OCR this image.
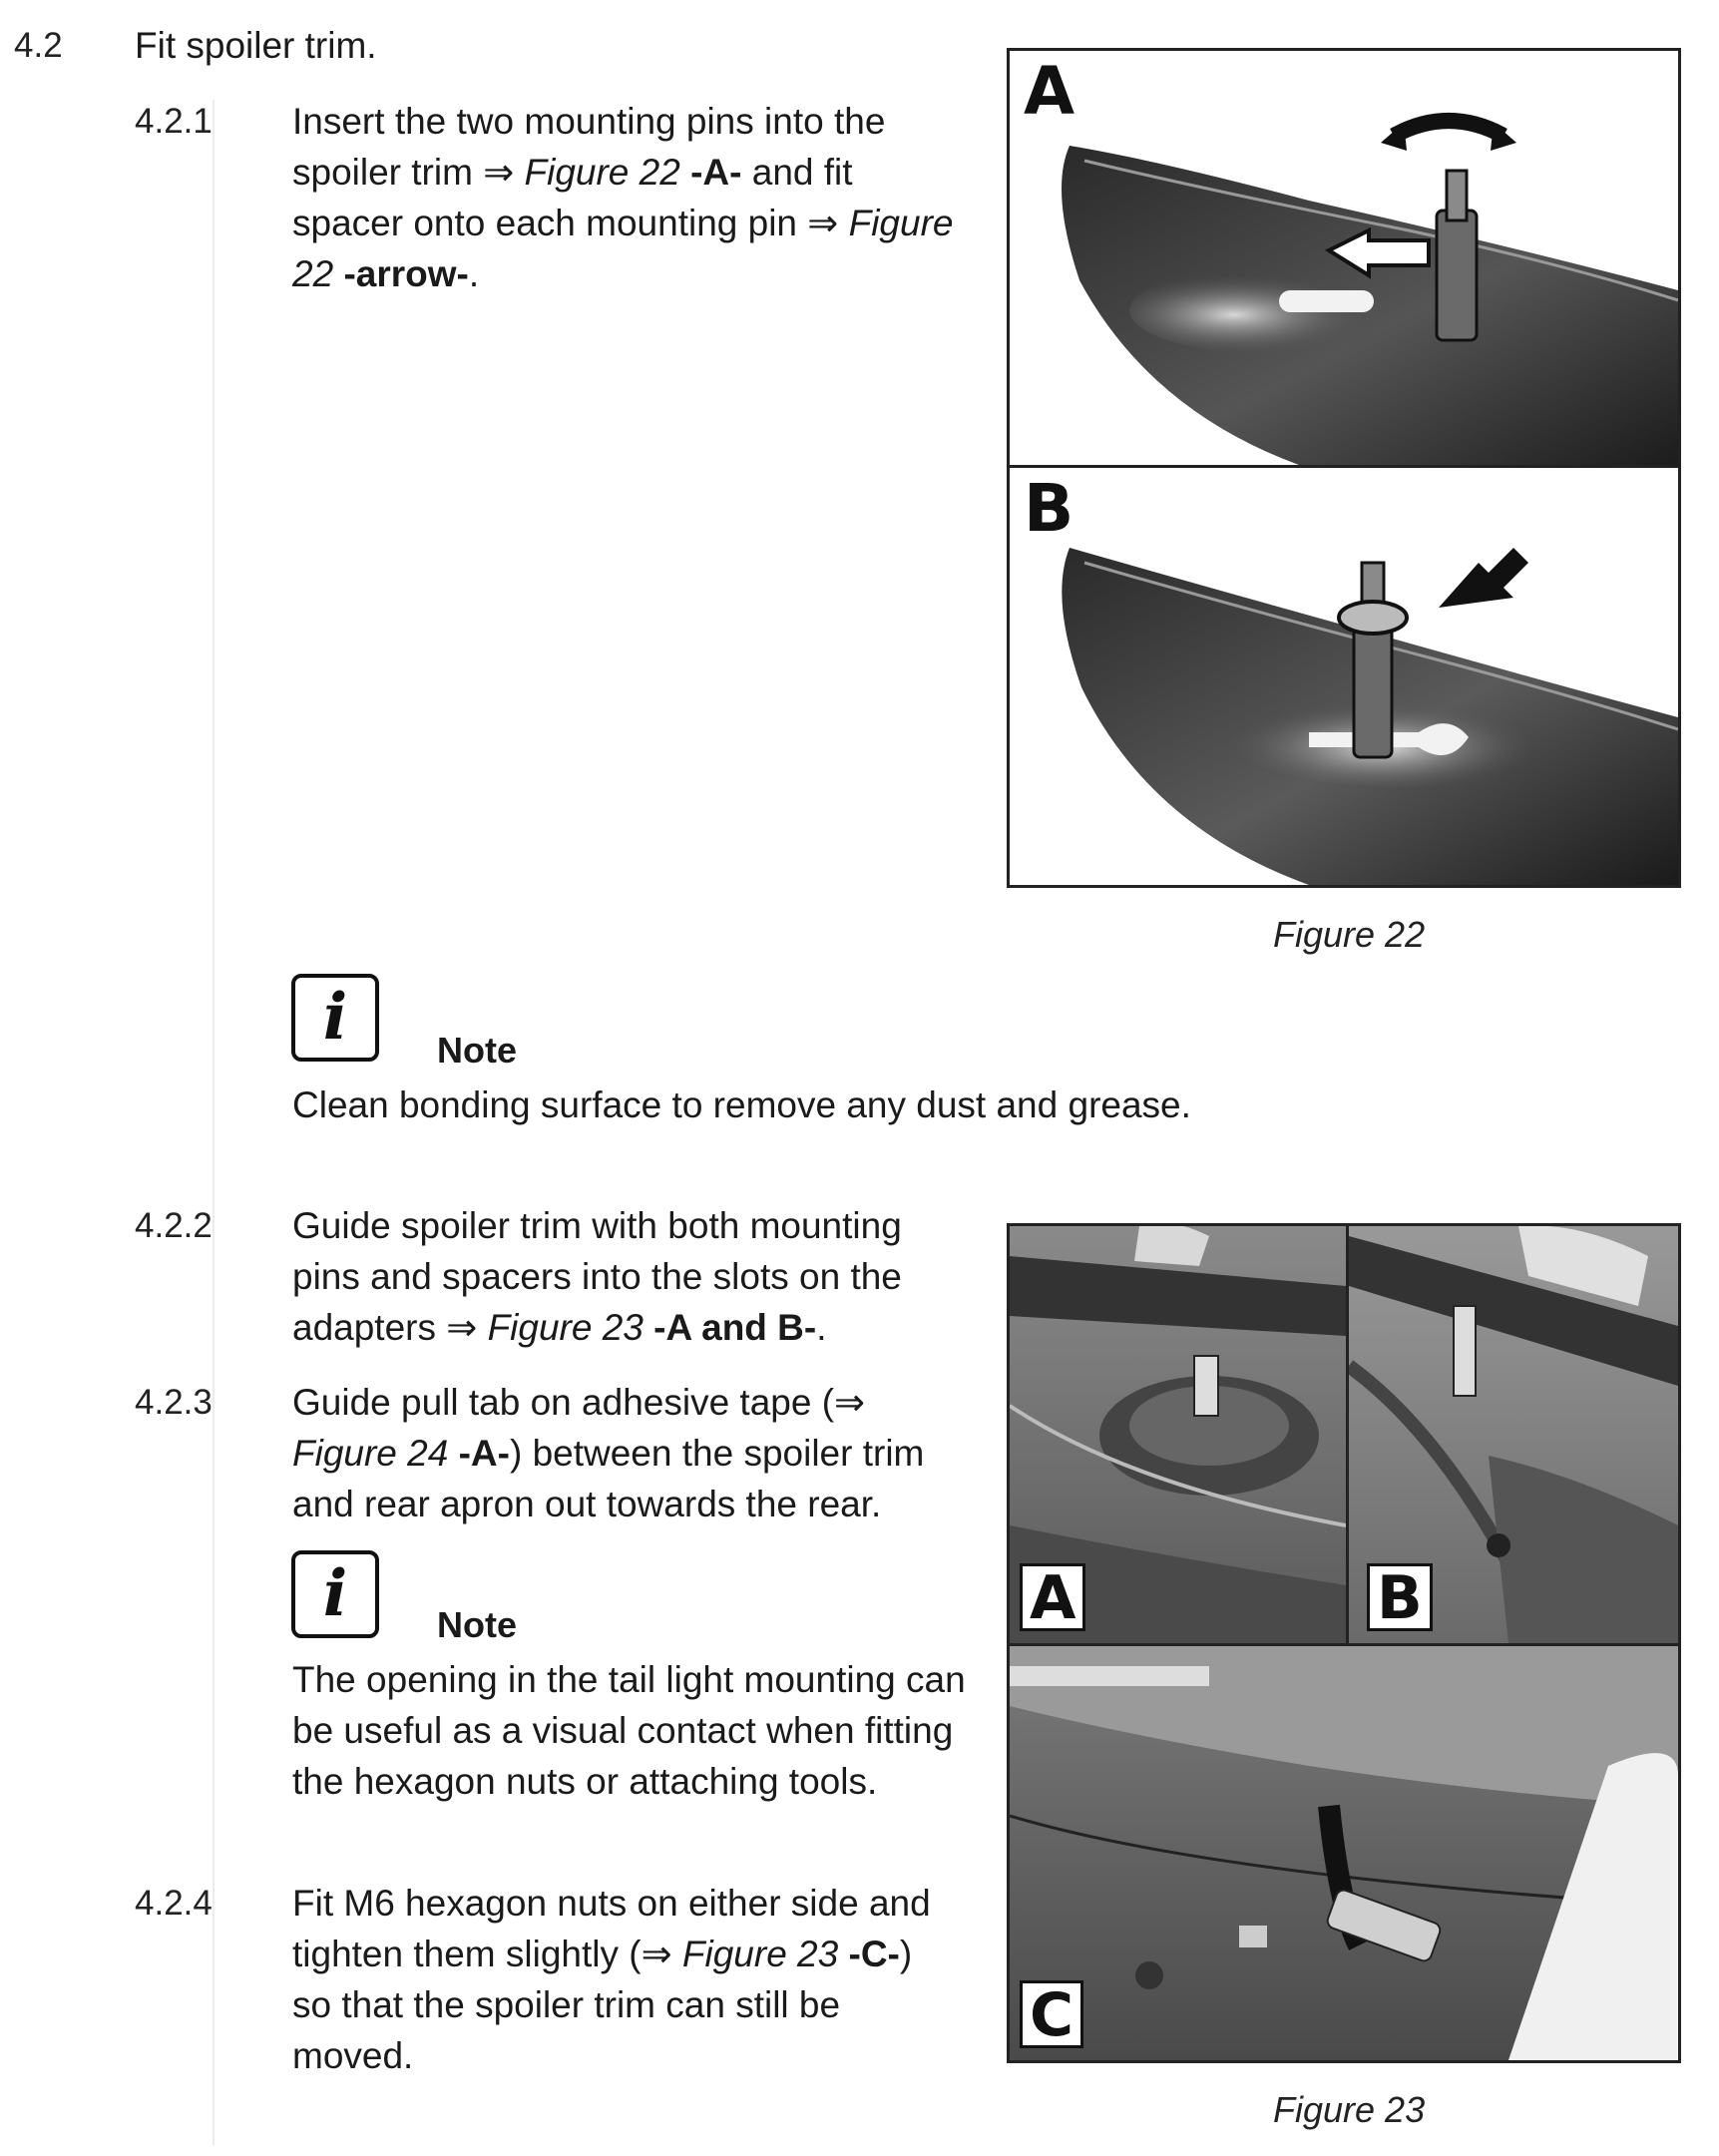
4.2 Fit spoiler trim.
4.2.1 Insert the two mounting pins into the spoiler trim ⇒ Figure 22 -A- and fit spacer onto each mounting pin ⇒ Figure 22 -arrow-.
A
B
Figure 22
i Note
Clean bonding surface to remove any dust and grease.
4.2.2 Guide spoiler trim with both mounting pins and spacers into the slots on the adapters ⇒ Figure 23 -A and B-.
4.2.3 Guide pull tab on adhesive tape (⇒ Figure 24 -A-) between the spoiler trim and rear apron out towards the rear.
i Note
The opening in the tail light mounting can be useful as a visual contact when fitting the hexagon nuts or attaching tools.
4.2.4 Fit M6 hexagon nuts on either side and tighten them slightly (⇒ Figure 23 -C-) so that the spoiler trim can still be moved.
A	B
C
Figure 23
